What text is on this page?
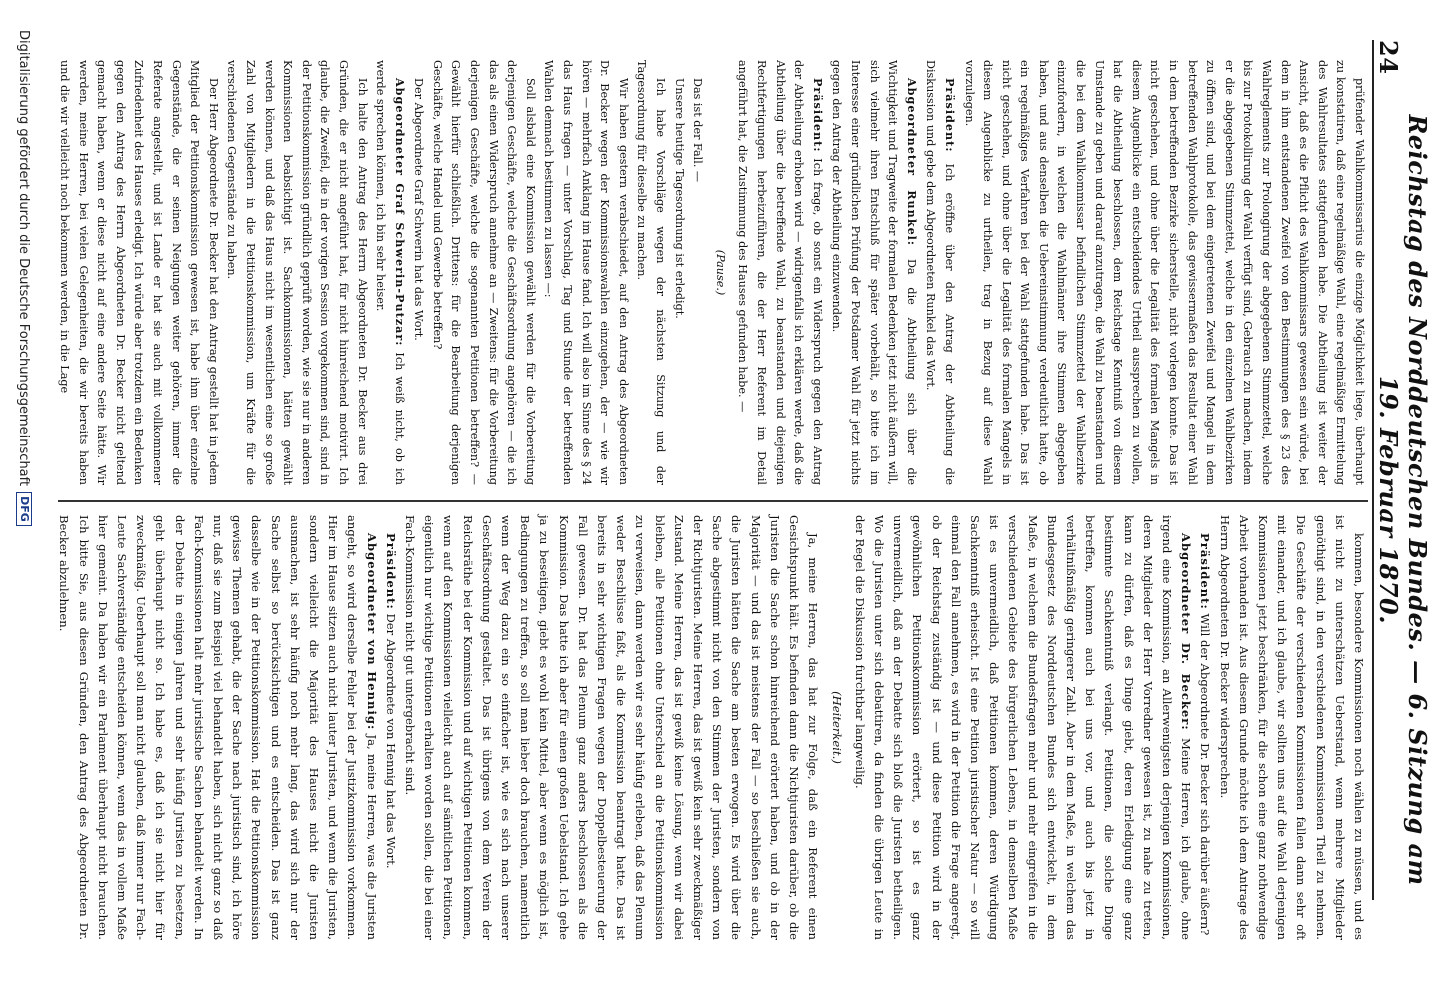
24
Reichstag des Norddeutschen Bundes. — 6. Sitzung am 19. Februar 1870.

prüfender Wahlkommissarius die einzige Möglichkeit liege, überhaupt zu konstatiren, daß eine regelmäßige Wahl, eine regelmäßige Ermittelung des Wahlresultates stattgefunden habe. Die Abtheilung ist weiter der Ansicht, daß es die Pflicht des Wahlkommissars gewesen sein würde, bei dem in ihm entstandenen Zweifel von den Bestimmungen des § 23 des Wahlreglements zur Prolongirung der abgegebenen Stimmzettel, welche bis zur Protokollirung der Wahl verfügt sind, Gebrauch zu machen, indem er die abgegebenen Stimmzettel, welche in den einzelnen Wahlbezirken zu öffnen sind, und bei dem eingetretenen Zweifel und Mangel in dem betreffenden Wahlprotokolle, das gewissermaßen das Resultat einer Wahl in dem betreffenden Bezirke sicherstelle, nicht vorlegen konnte. Das ist nicht geschehen, und ohne über die Legalität des formalen Mangels in diesem Augenblicke ein entscheidendes Urtheil aussprechen zu wollen, hat die Abtheilung beschlossen, dem Reichstage Kenntniß von diesem Umstande zu geben und darauf anzutragen, die Wahl zu beanstanden und die bei dem Wahlkommissar befindlichen Stimmzettel der Wahlbezirke einzufordern, in welchen die Wahlmänner ihre Stimmen abgegeben haben, und aus denselben die Uebereinstimmung verdeutlicht hatte, ob ein regelmäßiges Verfahren bei der Wahl stattgefunden habe. Das ist nicht geschehen, und ohne über die Legalität des formalen Mangels in diesem Augenblicke zu urtheilen, trag in Bezug auf diese Wahl vorzulegen.

Präsident: Ich eröffne über den Antrag der Abtheilung die Diskussion und gebe dem Abgeordneten Runkel das Wort.

Abgeordneter Runkel: Da die Abtheilung sich über die Wichtigkeit und Tragweite der formalen Bedenken jetzt nicht äußern will, sich vielmehr ihren Entschluß für später vorbehält, so bitte ich im Interesse einer gründlichen Prüfung der Potsdamer Wahl für jetzt nichts gegen den Antrag der Abtheilung einzuwenden.

Präsident: Ich frage, ob sonst ein Widerspruch gegen den Antrag der Abtheilung erhoben wird — widrigenfalls ich erklären werde, daß die Abtheilung über die betreffende Wahl, zu beanstanden und diejenigen Rechtfertigungen herbeizuführen, die der Herr Referent im Detail angeführt hat, die Zustimmung des Hauses gefunden habe. —

(Pause.)

Das ist der Fall. —

Unsere heutige Tagesordnung ist erledigt.

Ich habe Vorschläge wegen der nächsten Sitzung und der Tagesordnung für dieselbe zu machen.

Wir haben gestern verabschiedet, auf den Antrag des Abgeordneten Dr. Becker wegen der Kommissionswahlen einzugehen, der — wie wir hören — mehrfach Anklang im Hause fand. Ich will also im Sinne des § 24 das Haus fragen — unter Vorschlag, Tag und Stunde der betreffenden Wahlen demnach bestimmen zu lassen —:

Soll alsbald eine Kommission gewählt werden für die Vorbereitung derjenigen Geschäfte, welche die Geschäftsordnung angehören — die ich das als einen Widerspruch annehme an — Zweitens: für die Vorbereitung derjenigen Geschäfte, welche die sogenannten Petitionen betreffen? — Gewählt hierfür schließlich. Drittens: für die Bearbeitung derjenigen Geschäfte, welche Handel und Gewerbe betreffen?

Der Abgeordnete Graf Schwerin hat das Wort.

Abgeordneter Graf Schwerin-Putzar: Ich weiß nicht, ob ich werde sprechen können, ich bin sehr heiser.

Ich halte den Antrag des Herrn Abgeordneten Dr. Becker aus drei Gründen, die er nicht angeführt hat, für nicht hinreichend motivirt. Ich glaube, die Zweifel, die in der vorigen Session vorgekommen sind, sind in der Petitionskommission gründlich geprüft worden, wie sie nur in anderen Kommissionen beabsichtigt ist. Sachkommissionen, hätten gewählt werden können, und daß das Haus nicht im wesentlichen eine so große Zahl von Mitgliedern in die Petitionskommission, um Kräfte für die verschiedenen Gegenstände zu haben.

Der Herr Abgeordnete Dr. Becker hat den Antrag gestellt hat in jedem Mitglied der Petitionskommission gewesen ist, habe ihm über einzelne Gegenstände, die er seinen Neigungen weiter gehören, immer die Referate angestellt, und ist Lande er hat sie auch mit vollkommener Zufriedenheit des Hauses erledigt. Ich würde aber trotzdem ein Bedenken gegen den Antrag des Herrn Abgeordneten Dr. Becker nicht geltend gemacht haben, wenn er diese nicht auf eine andere Seite hätte. Wir werden, meine Herren, bei vielen Gelegenheiten, die wir bereits haben und die wir vielleicht noch bekommen werden, in die Lage

kommen, besondere Kommissionen noch wählen zu müssen, und es ist nicht zu unterschätzen Ueberstand, wenn mehrere Mitglieder genöthigt sind, in den verschiedenen Kommissionen Theil zu nehmen. Die Geschäfte der verschiedenen Kommissionen fallen dann sehr oft mit einander, und ich glaube, wir sollten uns auf die Wahl derjenigen Kommissionen jetzt beschränken, für die schon eine ganz nothwendige Arbeit vorhanden ist. Aus diesem Grunde möchte ich dem Antrage des Herrn Abgeordneten Dr. Becker widersprechen.

Präsident: Will der Abgeordnete Dr. Becker sich darüber äußern?

Abgeordneter Dr. Becker: Meine Herren, ich glaube, ohne irgend eine Kommission, an Allerwenigsten derjenigen Kommissionen, deren Mitglieder der Herr Vorredner gewesen ist, zu nahe zu treten, kann zu dürfen, daß es Dinge giebt, deren Erledigung eine ganz bestimmte Sachkenntniß verlangt. Petitionen, die solche Dinge betreffen, kommen auch bei uns vor, und auch bis jetzt in verhältnißmäßig geringerer Zahl. Aber in dem Maße, in welchem das Bundesgesetz des Norddeutschen Bundes sich entwickelt, in dem Maße, in welchem die Bundesfragen mehr und mehr eingreifen in die verschiedenen Gebiete des bürgerlichen Lebens, in demselben Maße ist es unvermeidlich, daß Petitionen kommen, deren Würdigung Sachkenntniß erheischt. Ist eine Petition juristischer Natur — so will einmal den Fall annehmen, es wird in der Petition die Frage angeregt, ob der Reichstag zuständig ist — und diese Petition wird in der gewöhnlichen Petitionskommission erörtert, so ist es ganz unvermeidlich, daß an der Debatte sich bloß die Juristen betheiligen. Wo die Juristen unter sich debattiren, da finden die übrigen Leute in der Regel die Diskussion furchtbar langweilig.

(Heiterkeit.)

Ja, meine Herren, das hat zur Folge, daß ein Referent einen Gesichtspunkt hält. Es befinden dann die Nichtjuristen darüber, ob die Juristen die Sache schon hinreichend erörtert haben, und ob in der Majorität — und das ist meistens der Fall — so beschließen sie auch, die Juristen hätten die Sache am besten erwogen. Es wird über die Sache abgestimmt nicht von den Stimmen der Juristen, sondern von der Richtjuristen. Meine Herren, das ist gewiß kein sehr zweckmäßiger Zustand. Meine Herren, das ist gewiß keine Lösung, wenn wir dabei bleiben, alle Petitionen ohne Unterschied an die Petitionskommission zu verweisen, dann werden wir es sehr häufig erleben, daß das Plenum weder Beschlüsse faßt, als die Kommission beantragt hatte. Das ist bereits in sehr wichtigen Fragen wegen der Doppelbesteuerung der Fall gewesen. Dr. hat das Plenum ganz anders beschlossen als die Kommission. Das hatte ich aber für einen großen Uebelstand. Ich gehe ja zu beseitigen, giebt es wohl kein Mittel, aber wenn es möglich ist, Bedingungen zu treffen, so soll man lieber doch brauchen, namentlich wenn der Weg dazu ein so einfacher ist, wie es sich nach unserer Geschäftsordnung gestaltet. Das ist übrigens von dem Verein der Reichsräthe bei der Kommission und auf wichtigen Petitionen kommen, wenn auf den Kommissionen vielleicht auch auf sämtlichen Petitionen, eigentlich nur wichtige Petitionen erhalten worden sollen, die bei einer Fach-Kommission nicht gut untergebracht sind.

Präsident: Der Abgeordnete von Hennig hat das Wort.

Abgeordneter von Hennig: Ja, meine Herren, was die Juristen angeht, so wird derselbe Fehler bei der Justizkommission vorkommen. Hier im Hause sitzen auch nicht lauter Juristen, und wenn die Juristen, sondern vielleicht die Majorität des Hauses nicht die Juristen ausmachen, ist sehr häufig noch mehr lang, das wird sich nur der Sache selbst so berücksichtigen und es entscheiden. Das ist ganz dasselbe wie in der Petitionskommission. Hat die Petitionskommission gewisse Themen gehabt, die der Sache nach juristisch sind, ich höre nur, daß sie zum Beispiel viel behandelt haben, sich nicht ganz so daß Fach-Kommissionen halt mehr juristische Sachen behandelt werden. In der Debatte in einigen Jahren und sehr häufig Juristen zu besetzen, geht überhaupt nicht so. Ich habe es, daß ich sie nicht hier für zweckmäßig. Ueberhaupt soll man nicht glauben, daß immer nur Fach-Leute Sachverständige entscheiden können, wenn das in vollem Maße hier gemeint. Da haben wir ein Parlament überhaupt nicht brauchen. Ich bitte Sie, aus diesen Gründen, den Antrag des Abgeordneten Dr. Becker abzulehnen.

Digitalisierung gefördert durch die Deutsche Forschungsgemeinschaft
DFG
